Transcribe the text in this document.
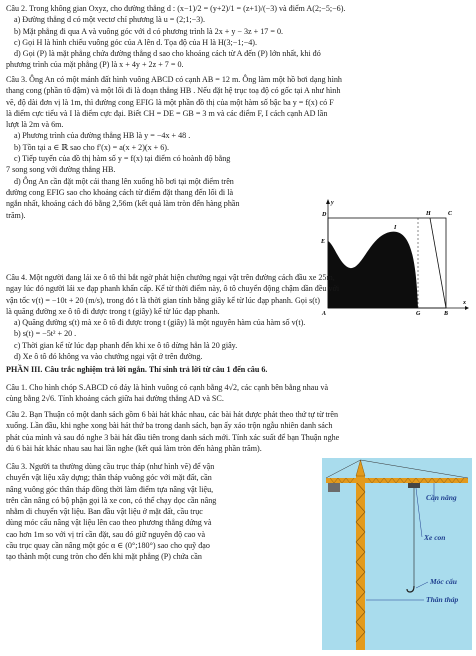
Câu 2. Trong không gian Oxyz, cho đường thẳng d : (x−1)/2 = (y+2)/1 = (z+1)/(−3) và điểm A(2;−5;−6).
a) Đường thẳng d có một vectơ chỉ phương là u = (2;1;−3).
b) Mặt phẳng đi qua A và vuông góc với d có phương trình là 2x + y − 3z + 17 = 0.
c) Gọi H là hình chiếu vuông góc của A lên d. Tọa độ của H là H(3;−1;−4).
d) Gọi (P) là mặt phẳng chứa đường thẳng d sao cho khoảng cách từ A đến (P) lớn nhất, khi đó
phương trình của mặt phẳng (P) là x + 4y + 2z + 7 = 0.
Câu 3. Ông An có một mảnh đất hình vuông ABCD có cạnh AB = 12 m. Ông làm một hồ bơi dạng hình
thang cong (phần tô đậm) và một lối đi là đoạn thẳng HB . Nếu đặt hệ trục toạ độ có gốc tại A như hình
vẽ, độ dài đơn vị là 1m, thì đường cong EFIG là một phần đồ thị của một hàm số bậc ba y = f(x) có F
là điểm cực tiểu và I là điểm cực đại. Biết CH = DE = GB = 3 m và các điểm F, I cách cạnh AD lần
lượt là 2m và 6m.
a) Phương trình của đường thẳng HB là y = −4x + 48 .
b) Tồn tại a ∈ ℝ sao cho f′(x) = a(x + 2)(x + 6).
c) Tiếp tuyến của đồ thị hàm số y = f(x) tại điểm có hoành độ bằng
7 song song với đường thẳng HB.
d) Ông An cần đặt một cái thang lên xuống hồ bơi tại một điểm trên
đường cong EFIG sao cho khoảng cách từ điểm đặt thang đến lối đi là
ngắn nhất, khoảng cách đó bằng 2,56m (kết quả làm tròn đến hàng phần
trăm).	D	H	C
E
I
F
A	G	B
x
y
Câu 4. Một người đang lái xe ô tô thì bắt ngờ phát hiện chướng ngại vật trên đường cách đầu xe 25m,
ngay lúc đó người lái xe đạp phanh khẩn cấp. Kể từ thời điểm này, ô tô chuyển động chậm dần đều với
vận tốc v(t) = −10t + 20 (m/s), trong đó t là thời gian tính bằng giây kể từ lúc đạp phanh. Gọi s(t)
là quãng đường xe ô tô đi được trong t (giây) kể từ lúc đạp phanh.
a) Quãng đường s(t) mà xe ô tô đi được trong t (giây) là một nguyên hàm của hàm số v(t).
b) s(t) = −5t² + 20 .
c) Thời gian kể từ lúc đạp phanh đến khi xe ô tô dừng hẳn là 20 giây.
d) Xe ô tô đó không va vào chướng ngại vật ở trên đường.
PHẦN III. Câu trắc nghiệm trả lời ngắn. Thí sinh trả lời từ câu 1 đến câu 6.
Câu 1. Cho hình chóp S.ABCD có đáy là hình vuông có cạnh bằng 4√2, các cạnh bên bằng nhau và
cùng bằng 2√6. Tính khoảng cách giữa hai đường thẳng AD và SC.
Câu 2. Bạn Thuận có một danh sách gồm 6 bài hát khác nhau, các bài hát được phát theo thứ tự từ trên
xuống. Lần đầu, khi nghe xong bài hát thứ ba trong danh sách, bạn ấy xáo trộn ngẫu nhiên danh sách
phát của mình và sau đó nghe 3 bài hát đầu tiên trong danh sách mới. Tính xác suất để bạn Thuận nghe
đủ 6 bài hát khác nhau sau hai lần nghe (kết quả làm tròn đến hàng phần trăm).
Câu 3. Người ta thường dùng cầu trục tháp (như hình vẽ) để vận
chuyển vật liệu xây dựng; thân tháp vuông góc với mặt đất, cần
nâng vuông góc thân tháp đồng thời làm điểm tựa nâng vật liệu,
trên cần nâng có bộ phận gọi là xe con, có thể chạy dọc cần nâng
nhằm di chuyển vật liệu. Ban đầu vật liệu ở mặt đất, cầu trục
dùng móc cẩu nâng vật liệu lên cao theo phương thẳng đứng và
cao hơn 1m so với vị trí cần đặt, sau đó giữ nguyên độ cao và
cầu trục quay cần nâng một góc α ∈ (0°;180°) sao cho quỹ đạo
tạo thành một cung tròn cho đến khi mặt phẳng (P) chứa cần
Cần nâng
Xe con
Móc cẩu
Thân tháp
